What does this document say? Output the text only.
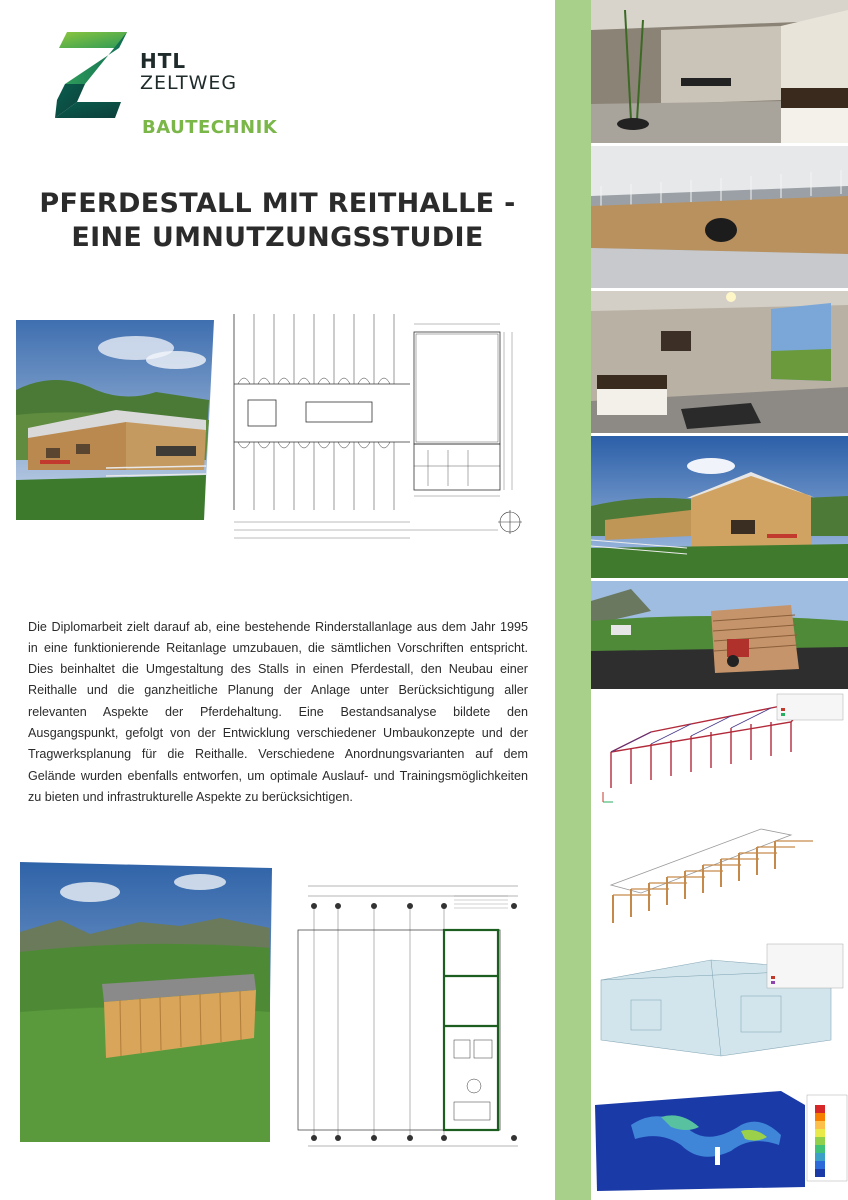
HTL
ZELTWEG
BAUTECHNIK
PFERDESTALL MIT REITHALLE -
EINE UMNUTZUNGSSTUDIE

Die Diplomarbeit zielt darauf ab, eine bestehende Rinderstallanlage aus dem Jahr 1995 in eine funktionierende Reitanlage umzubauen, die sämtlichen Vorschriften entspricht. Dies beinhaltet die Umgestaltung des Stalls in einen Pferdestall, den Neubau einer Reithalle und die ganzheitliche Planung der Anlage unter Berücksichtigung aller relevanten Aspekte der Pferdehaltung. Eine Bestandsanalyse bildete den Ausgangspunkt, gefolgt von der Entwicklung verschiedener Umbaukonzepte und der Tragwerksplanung für die Reithalle. Verschiedene Anordnungsvarianten auf dem Gelände wurden ebenfalls entworfen, um optimale Auslauf- und Trainingsmöglichkeiten zu bieten und infrastrukturelle Aspekte zu berücksichtigen.
